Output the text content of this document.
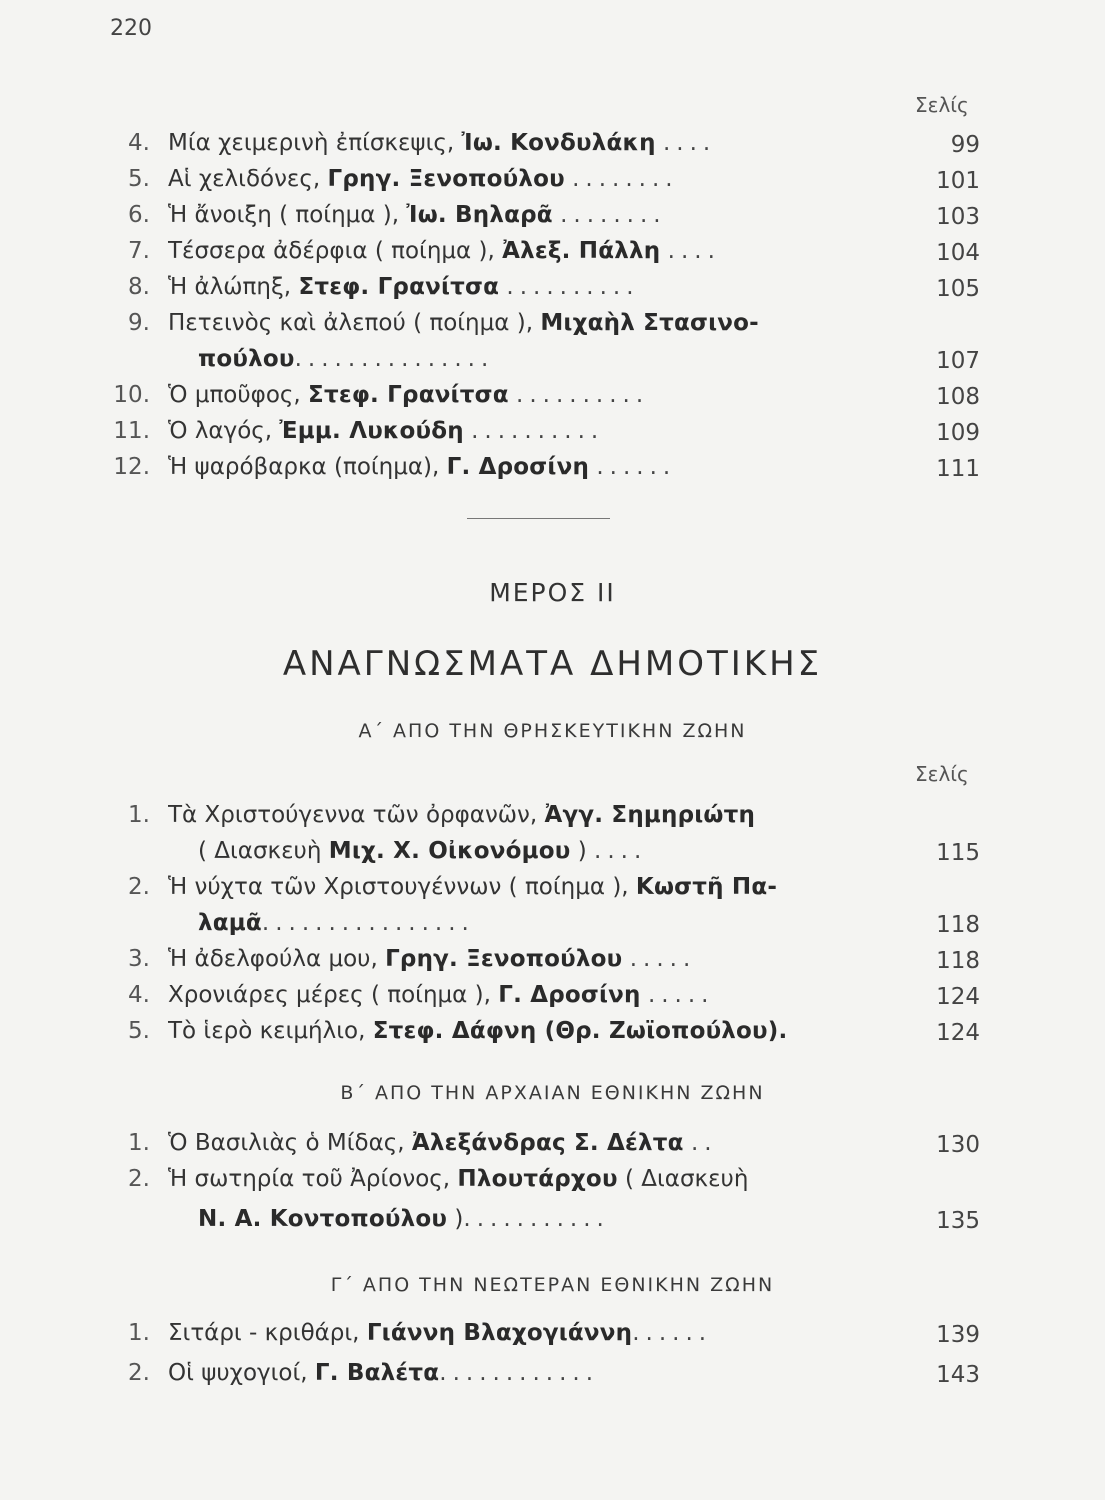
220
Σελίς
4. Μία χειμερινὴ ἐπίσκεψις, Ἰω. Κονδυλάκη ....	99
5. Αἱ χελιδόνες, Γρηγ. Ξενοπούλου ........	101
6. Ἡ ἄνοιξη ( ποίημα ), Ἰω. Βηλαρᾶ ........	103
7. Τέσσερα ἀδέρφια ( ποίημα ), Ἀλεξ. Πάλλη ....	104
8. Ἡ ἀλώπηξ, Στεφ. Γρανίτσα ..........	105
9. Πετεινὸς καὶ ἀλεπού ( ποίημα ), Μιχαὴλ Στασινο-
πούλου...............	107
10. Ὁ μποῦφος, Στεφ. Γρανίτσα ..........	108
11. Ὁ λαγός, Ἐμμ. Λυκούδη ..........	109
12. Ἡ ψαρόβαρκα (ποίημα), Γ. Δροσίνη ......	111
ΜΕΡΟΣ ΙΙ
ΑΝΑΓΝΩΣΜΑΤΑ ΔΗΜΟΤΙΚΗΣ
Α΄ ΑΠΟ ΤΗΝ ΘΡΗΣΚΕΥΤΙΚΗΝ ΖΩΗΝ
Σελίς
1. Τὰ Χριστούγεννα τῶν ὀρφανῶν, Ἀγγ. Σημηριώτη
( Διασκευὴ Μιχ. Χ. Οἰκονόμου ) ....	115
2. Ἡ νύχτα τῶν Χριστουγέννων ( ποίημα ), Κωστῆ Πα-
λαμᾶ................	118
3. Ἡ ἀδελφούλα μου, Γρηγ. Ξενοπούλου .....	118
4. Χρονιάρες μέρες ( ποίημα ), Γ. Δροσίνη .....	124
5. Τὸ ἱερὸ κειμήλιο, Στεφ. Δάφνη (Θρ. Ζωϊοπούλου).	124
Β΄ ΑΠΟ ΤΗΝ ΑΡΧΑΙΑΝ ΕΘΝΙΚΗΝ ΖΩΗΝ
1. Ὁ Βασιλιὰς ὁ Μίδας, Ἀλεξάνδρας Σ. Δέλτα ..	130
2. Ἡ σωτηρία τοῦ Ἀρίονος, Πλουτάρχου ( Διασκευὴ
Ν. Α. Κοντοπούλου )...........	135
Γ΄ ΑΠΟ ΤΗΝ ΝΕΩΤΕΡΑΝ ΕΘΝΙΚΗΝ ΖΩΗΝ
1. Σιτάρι - κριθάρι, Γιάννη Βλαχογιάννη......	139
2. Οἱ ψυχογιοί, Γ. Βαλέτα............	143
